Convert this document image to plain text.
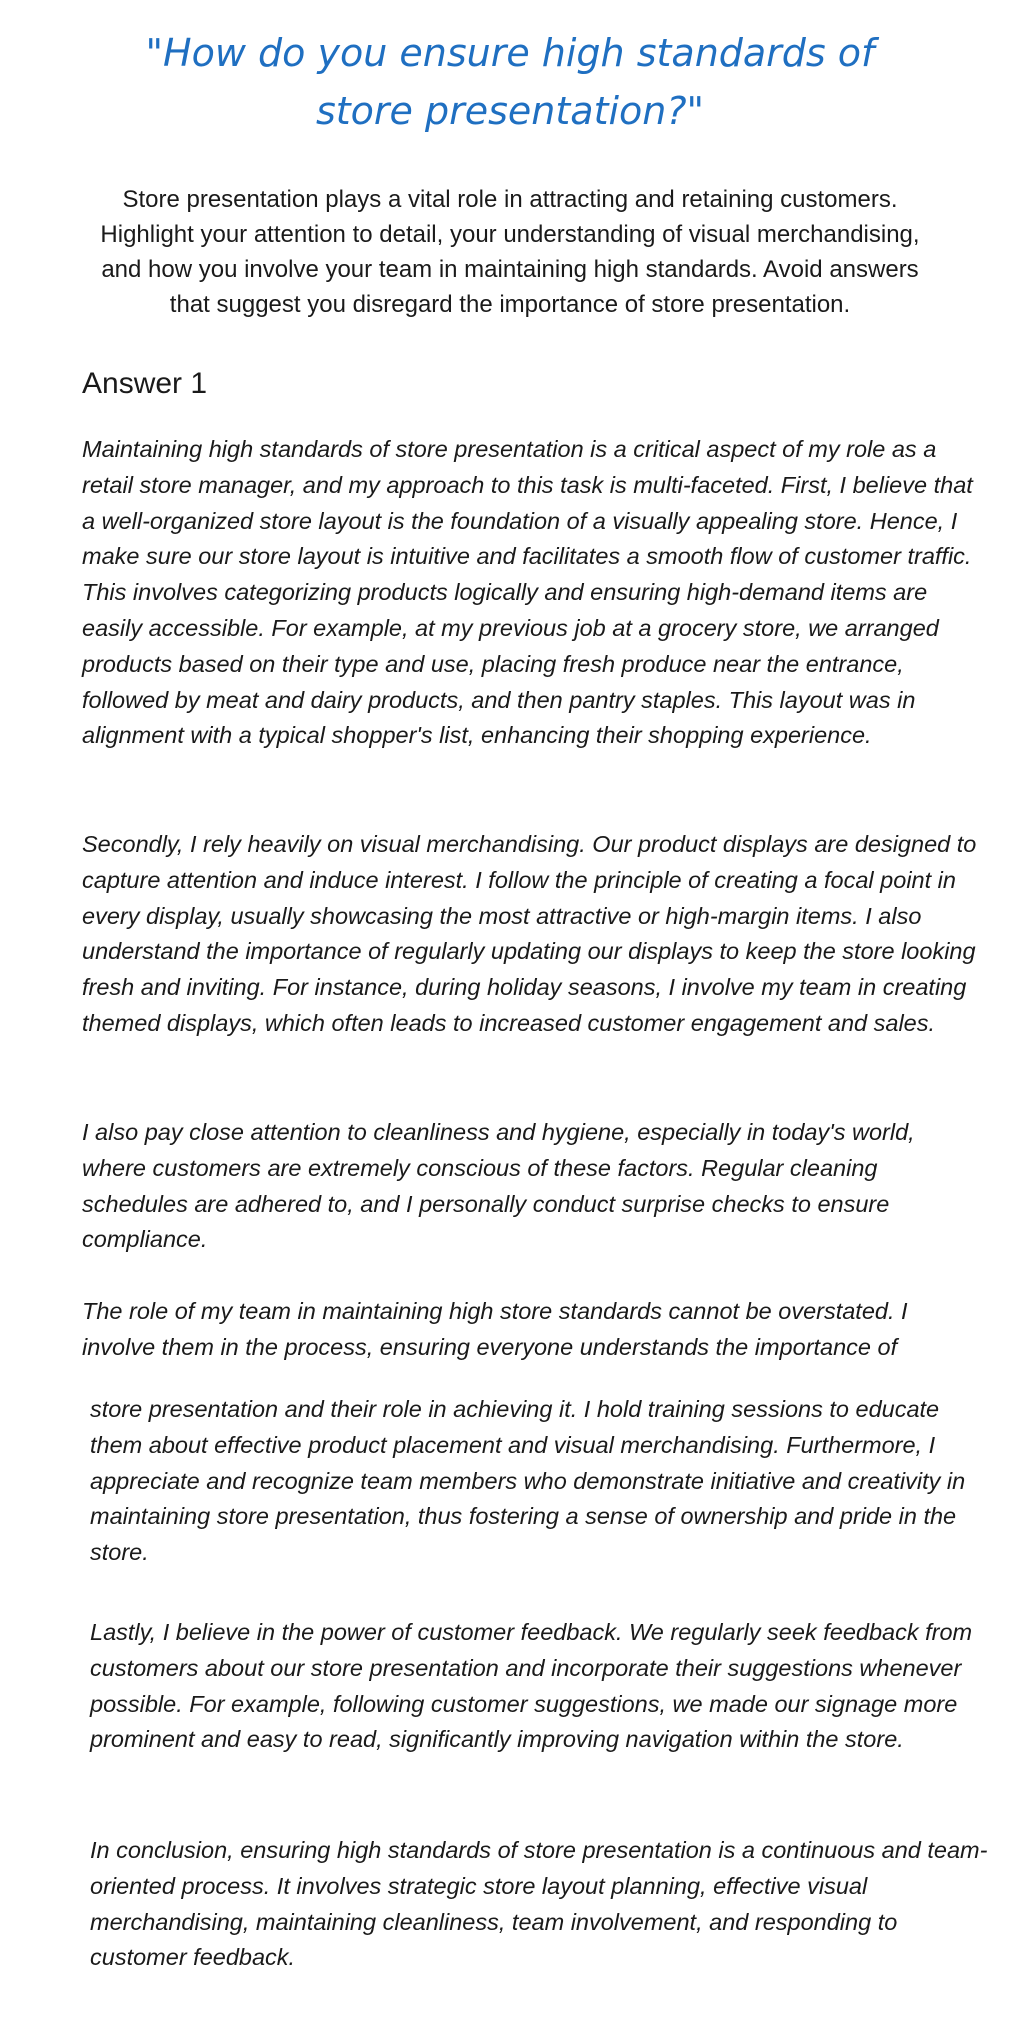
"How do you ensure high standards of
store presentation?"

Store presentation plays a vital role in attracting and retaining customers. Highlight your attention to detail, your understanding of visual merchandising, and how you involve your team in maintaining high standards. Avoid answers that suggest you disregard the importance of store presentation.

Answer 1

Maintaining high standards of store presentation is a critical aspect of my role as a retail store manager, and my approach to this task is multi-faceted. First, I believe that a well-organized store layout is the foundation of a visually appealing store. Hence, I make sure our store layout is intuitive and facilitates a smooth flow of customer traffic. This involves categorizing products logically and ensuring high-demand items are easily accessible. For example, at my previous job at a grocery store, we arranged products based on their type and use, placing fresh produce near the entrance, followed by meat and dairy products, and then pantry staples. This layout was in alignment with a typical shopper's list, enhancing their shopping experience.

Secondly, I rely heavily on visual merchandising. Our product displays are designed to capture attention and induce interest. I follow the principle of creating a focal point in every display, usually showcasing the most attractive or high-margin items. I also understand the importance of regularly updating our displays to keep the store looking fresh and inviting. For instance, during holiday seasons, I involve my team in creating themed displays, which often leads to increased customer engagement and sales.

I also pay close attention to cleanliness and hygiene, especially in today's world, where customers are extremely conscious of these factors. Regular cleaning schedules are adhered to, and I personally conduct surprise checks to ensure compliance.

The role of my team in maintaining high store standards cannot be overstated. I involve them in the process, ensuring everyone understands the importance of

store presentation and their role in achieving it. I hold training sessions to educate them about effective product placement and visual merchandising. Furthermore, I appreciate and recognize team members who demonstrate initiative and creativity in maintaining store presentation, thus fostering a sense of ownership and pride in the store.

Lastly, I believe in the power of customer feedback. We regularly seek feedback from customers about our store presentation and incorporate their suggestions whenever possible. For example, following customer suggestions, we made our signage more prominent and easy to read, significantly improving navigation within the store.

In conclusion, ensuring high standards of store presentation is a continuous and team-oriented process. It involves strategic store layout planning, effective visual merchandising, maintaining cleanliness, team involvement, and responding to customer feedback.
